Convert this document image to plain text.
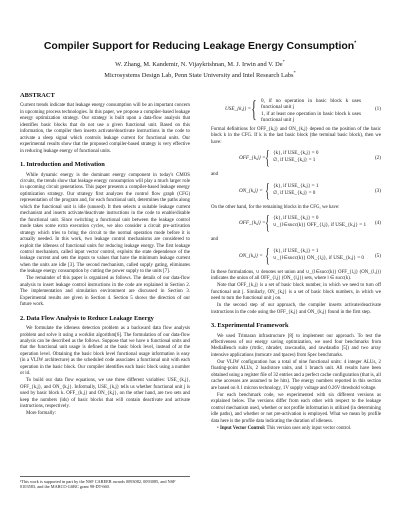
Compiler Support for Reducing Leakage Energy Consumption*
W. Zhang, M. Kandemir, N. Vijaykrishnan, M. J. Irwin and V. De*
Microsystems Design Lab, Penn State University and Intel Research Labs*
ABSTRACT

Current trends indicate that leakage energy consumption will be an important concern in upcoming process technologies. In this paper, we propose a compiler-based leakage energy optimization strategy. Our strategy is built upon a data-flow analysis that identifies basic blocks that do not use a given functional unit. Based on this information, the compiler then inserts activate/deactivate instructions in the code to activate a sleep signal which controls leakage current for functional units. Our experimental results show that the proposed compiler-based strategy is very effective in reducing leakage energy of functional units.

1. Introduction and Motivation

While dynamic energy is the dominant energy component in today's CMOS circuits, the trends show that leakage energy consumption will play a much larger role in upcoming circuit generations. This paper presents a compiler-based leakage energy optimization strategy. Our strategy first analyzes the control flow graph (CFG) representation of the program and, for each functional unit, determines the paths along which the functional unit is idle (unused). It then selects a suitable leakage current mechanism and inserts activate/deactivate instructions in the code to enable/disable the functional unit. Since switching a functional unit between the leakage control mode takes some extra execution cycles, we also consider a circuit pre-activation strategy which tries to bring the circuit to the normal operation mode before it is actually needed. In this work, two leakage control mechanisms are considered to exploit the idleness of functional units for reducing leakage energy. The first leakage control mechanism, called input vector control, exploits the state dependence of the leakage current and sets the inputs to values that have the minimum leakage current when the units are idle [3]. The second mechanism, called supply gating, eliminates the leakage energy consumption by cutting the power supply to the units [7].

The remainder of this paper is organized as follows. The details of our data-flow analysis to insert leakage control instructions in the code are explained in Section 2. The implementation and simulation environment are discussed in Section 3. Experimental results are given in Section 4. Section 5 shows the direction of our future work.

2. Data Flow Analysis to Reduce Leakage Energy

We formulate the idleness detection problem as a backward data flow analysis problem and solve it using a worklist algorithm[6]. The formulation of our data-flow analysis can be described as the follows. Suppose that we have n functional units and that the functional unit usage is defined at the basic block level, instead of at the operation level. Obtaining the basic block level functional usage information is easy (in a VLIW architecture) as the scheduled code associates a functional unit with each operation in the basic block. Our compiler identifies each basic block using a number or id.

To build our data flow equations, we use three different variables: USE_{k,j}, OFF_{k,j}, and ON_{k,j}. Informally, USE_{k,j} tells us whether functional unit j is used by basic block k. OFF_{k,j} and ON_{k,j}, on the other hand, are two sets and keep the numbers (ids) of basic blocks that will contain deactivate and activate instructions, respectively.

More formally:

¹This work is supported in part by the NSF CAREER awards 0093082, 0093085, and NSF 0103583, and the MARCO GSRC grant 98-DT-660.
USE_{k,j} = { 0, if no operation in basic block k uses functional unit j
1, if at least one operation in basic block k uses functional unit j
(1)

Formal definitions for OFF_{k,j} and ON_{k,j} depend on the position of the basic block k in the CFG. If k is the last basic block (the terminal basic block), then we have:

OFF_{k,j} = { {k}, if USE_{k,j} = 0
∅, if USE_{k,j} = 1	(2)

and

ON_{k,j} = { {k}, if USE_{k,j} = 1
∅, if USE_{k,j} = 0	(3)

On the other hand, for the remaining blocks in the CFG, we have:

OFF_{k,j} = { {k}, if USE_{k,j} = 0
∪_{l∈succ(k)} OFF_{l,j}, if USE_{k,j} = 1 (4)

and

ON_{k,j} = { {k}, if USE_{k,j} = 1
∪_{l∈succ(k)} ON_{l,j}, if USE_{k,j} = 0 (5)

In these formulations, ∪ denotes set union and ∪_{l∈succ(k)} OFF_{l,j} (ON_{l,j}) indicates the union of all OFF_{l,j} (ON_{l,j}) sets, where l ∈ succ(k).

Note that OFF_{k,j} is a set of basic block number, in which we need to turn off functional unit j. Similarly, ON_{k,j} is a set of basic block numbers, in which we need to turn the functional unit j on.

In the second step of our approach, the compiler inserts activate/deactivate instructions in the code using the OFF_{k,j} and ON_{k,j} found in the first step.

3. Experimental Framework

We used Trimaran infrastructure [8] to implement our approach. To test the effectiveness of our energy saving optimization, we used four benchmarks from MediaBench suite (rtrdic, nbrader, rawcaudio, and rawdaudio [5]) and two array intensive applications (tomcatv and tpaces) from Spec benchmarks.

Our VLIW configuration has a total of nine functional units: 4 integer ALUs, 2 floating-point ALUs, 2 load/store units, and 1 branch unit. All results have been obtained using a register file of 32 entries and a perfect cache configuration (that is, all cache accesses are assumed to be hits). The energy numbers reported in this section are based on 0.1 micron technology, 1V supply voltage and 0.26V threshold voltage.

For each benchmark code, we experimented with six different versions as explained below. The versions differ from each other with respect to the leakage control mechanism used, whether or not profile information is utilized (in determining idle paths), and whether or not pre-activation is employed. What we mean by profile data here is the profile data indicating the duration of idleness.

• Input Vector Control: This version uses only input vector control.
